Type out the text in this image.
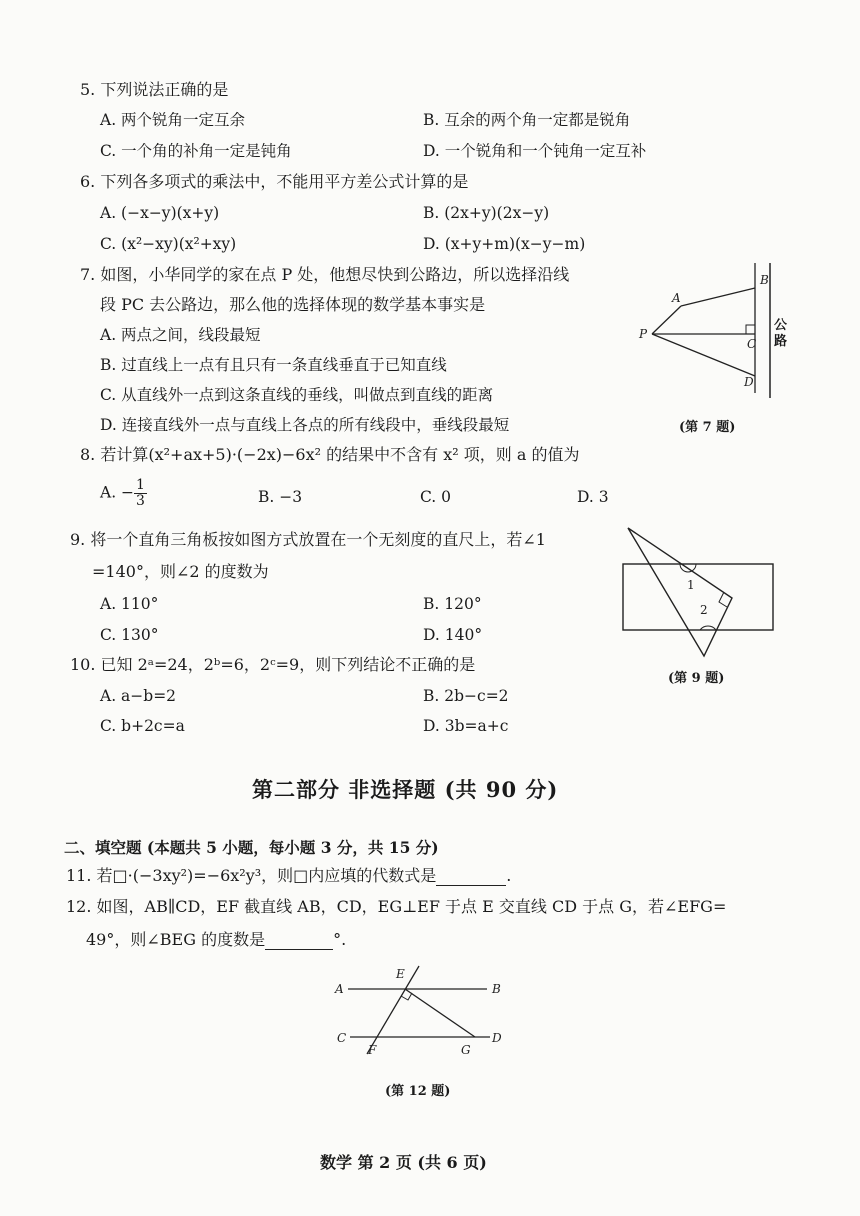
5. 下列说法正确的是
A. 两个锐角一定互余	B. 互余的两个角一定都是锐角
C. 一个角的补角一定是钝角	D. 一个锐角和一个钝角一定互补
6. 下列各多项式的乘法中，不能用平方差公式计算的是
A. (−x−y)(x+y)	B. (2x+y)(2x−y)
C. (x²−xy)(x²+xy)	D. (x+y+m)(x−y−m)
7. 如图，小华同学的家在点 P 处，他想尽快到公路边，所以选择沿线
段 PC 去公路边，那么他的选择体现的数学基本事实是
A. 两点之间，线段最短
B. 过直线上一点有且只有一条直线垂直于已知直线
C. 从直线外一点到这条直线的垂线，叫做点到直线的距离
D. 连接直线外一点与直线上各点的所有线段中，垂线段最短
A
B
C
D
P
公路
(第 7 题)
8. 若计算(x²+ax+5)·(−2x)−6x² 的结果中不含有 x² 项，则 a 的值为
A. − $\frac{1}{3}$	B. −3	C. 0	D. 3
9. 将一个直角三角板按如图方式放置在一个无刻度的直尺上，若∠1
=140°，则∠2 的度数为
A. 110°	B. 120°
C. 130°	D. 140°
1
2
(第 9 题)
10. 已知 2ᵃ=24，2ᵇ=6，2ᶜ=9，则下列结论不正确的是
A. a−b=2	B. 2b−c=2
C. b+2c=a	D. 3b=a+c
第二部分 非选择题 (共 90 分)
二、填空题 (本题共 5 小题，每小题 3 分，共 15 分)
11. 若□·(−3xy²)=−6x²y³，则□内应填的代数式是	.
12. 如图，AB∥CD，EF 截直线 AB，CD，EG⊥EF 于点 E 交直线 CD 于点 G，若∠EFG=
49°，则∠BEG 的度数是	°.
A	B
C	D
E
F	G
(第 12 题)
数学 第 2 页 (共 6 页)
